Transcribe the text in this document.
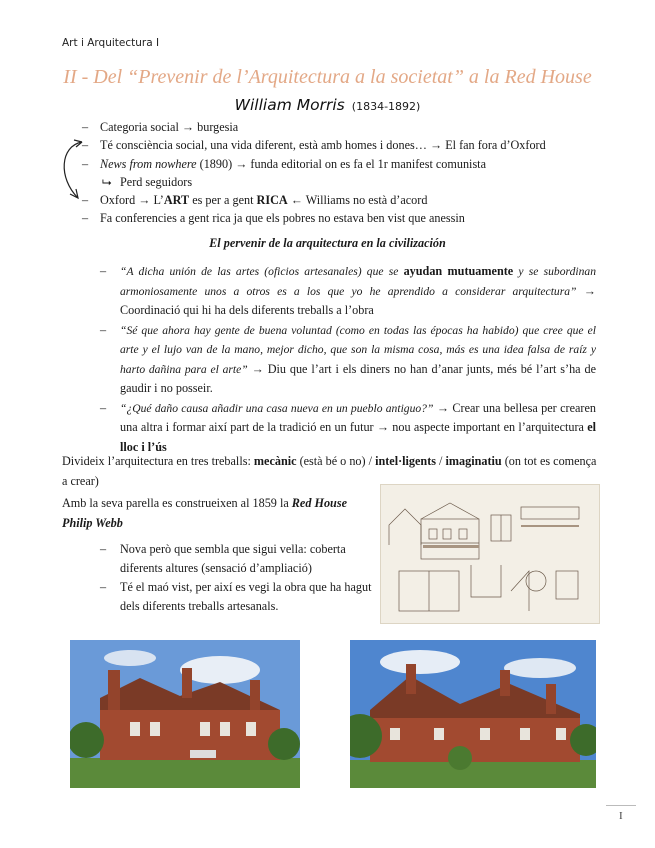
Art i Arquitectura I
II - Del “Prevenir de l’Arquitectura a la societat” a la Red House
William Morris (1834-1892)
– Categoria social → burgesia
– Té consciència social, una vida diferent, està amb homes i dones… → El fan fora d’Oxford
– News from nowhere (1890) → funda editorial on es fa el 1r manifest comunista
⮡ Perd seguidors
– Oxford → L’ART es per a gent RICA ← Williams no està d’acord
– Fa conferencies a gent rica ja que els pobres no estava ben vist que anessin
El pervenir de la arquitectura en la civilización
– “A dicha unión de las artes (oficios artesanales) que se ayudan mutuamente y se subordinan armoniosamente unos a otros es a los que yo he aprendido a considerar arquitectura” → Coordinació qui hi ha dels diferents treballs a l’obra
– “Sé que ahora hay gente de buena voluntad (como en todas las épocas ha habido) que cree que el arte y el lujo van de la mano, mejor dicho, que son la misma cosa, más es una idea falsa de raíz y harto dañina para el arte” → Diu que l’art i els diners no han d’anar junts, més bé l’art s’ha de gaudir i no posseir.
– “¿Qué daño causa añadir una casa nueva en un pueblo antiguo?” → Crear una bellesa per crearen una altra i formar així part de la tradició en un futur → nou aspecte important en l’arquitectura el lloc i l’ús
Divideix l’arquitectura en tres treballs: mecànic (està bé o no) / intel·ligents / imaginatiu (on tot es comença a crear)
Amb la seva parella es construeixen al 1859 la Red House
Philip Webb
– Nova però que sembla que sigui vella: coberta diferents altures (sensació d’ampliació)
– Té el maó vist, per així es vegi la obra que ha hagut dels diferents treballs artesanals.
I
